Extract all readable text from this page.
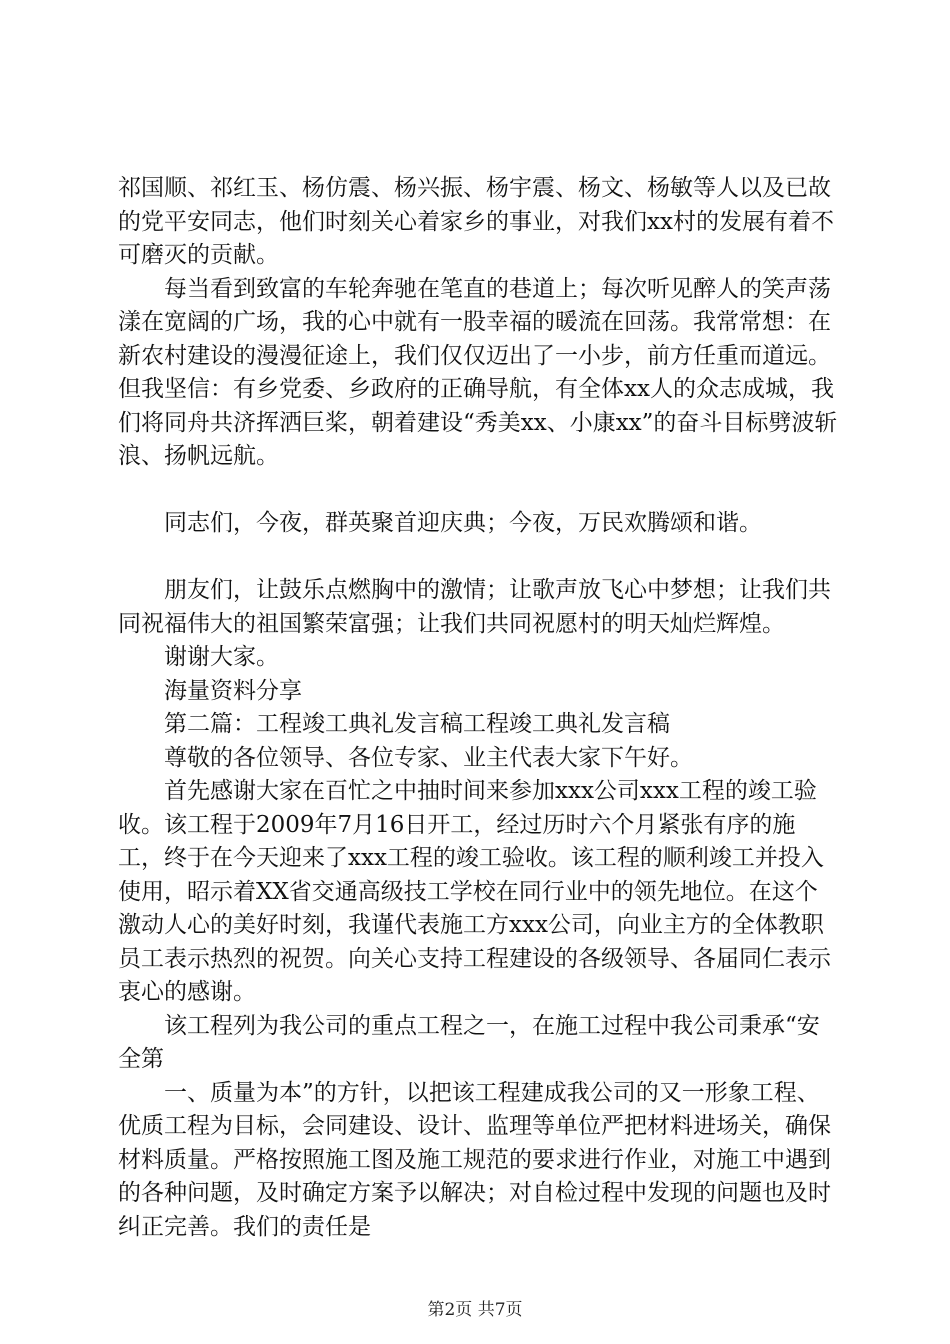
祁国顺、祁红玉、杨仿震、杨兴振、杨宇震、杨文、杨敏等人以及已故的党平安同志，他们时刻关心着家乡的事业，对我们xx村的发展有着不可磨灭的贡献。

每当看到致富的车轮奔驰在笔直的巷道上；每次听见醉人的笑声荡漾在宽阔的广场，我的心中就有一股幸福的暖流在回荡。我常常想：在新农村建设的漫漫征途上，我们仅仅迈出了一小步，前方任重而道远。但我坚信：有乡党委、乡政府的正确导航，有全体xx人的众志成城，我们将同舟共济挥洒巨桨，朝着建设“秀美xx、小康xx”的奋斗目标劈波斩浪、扬帆远航。

同志们，今夜，群英聚首迎庆典；今夜，万民欢腾颂和谐。

朋友们，让鼓乐点燃胸中的激情；让歌声放飞心中梦想；让我们共同祝福伟大的祖国繁荣富强；让我们共同祝愿村的明天灿烂辉煌。

谢谢大家。

海量资料分享

第二篇：工程竣工典礼发言稿工程竣工典礼发言稿

尊敬的各位领导、各位专家、业主代表大家下午好。

首先感谢大家在百忙之中抽时间来参加xxx公司xxx工程的竣工验收。该工程于2009年7月16日开工，经过历时六个月紧张有序的施工，终于在今天迎来了xxx工程的竣工验收。该工程的顺利竣工并投入使用，昭示着XX省交通高级技工学校在同行业中的领先地位。在这个激动人心的美好时刻，我谨代表施工方xxx公司，向业主方的全体教职员工表示热烈的祝贺。向关心支持工程建设的各级领导、各届同仁表示衷心的感谢。

该工程列为我公司的重点工程之一，在施工过程中我公司秉承“安全第

一、质量为本”的方针，以把该工程建成我公司的又一形象工程、优质工程为目标，会同建设、设计、监理等单位严把材料进场关，确保材料质量。严格按照施工图及施工规范的要求进行作业，对施工中遇到的各种问题，及时确定方案予以解决；对自检过程中发现的问题也及时纠正完善。我们的责任是

第2页 共7页
